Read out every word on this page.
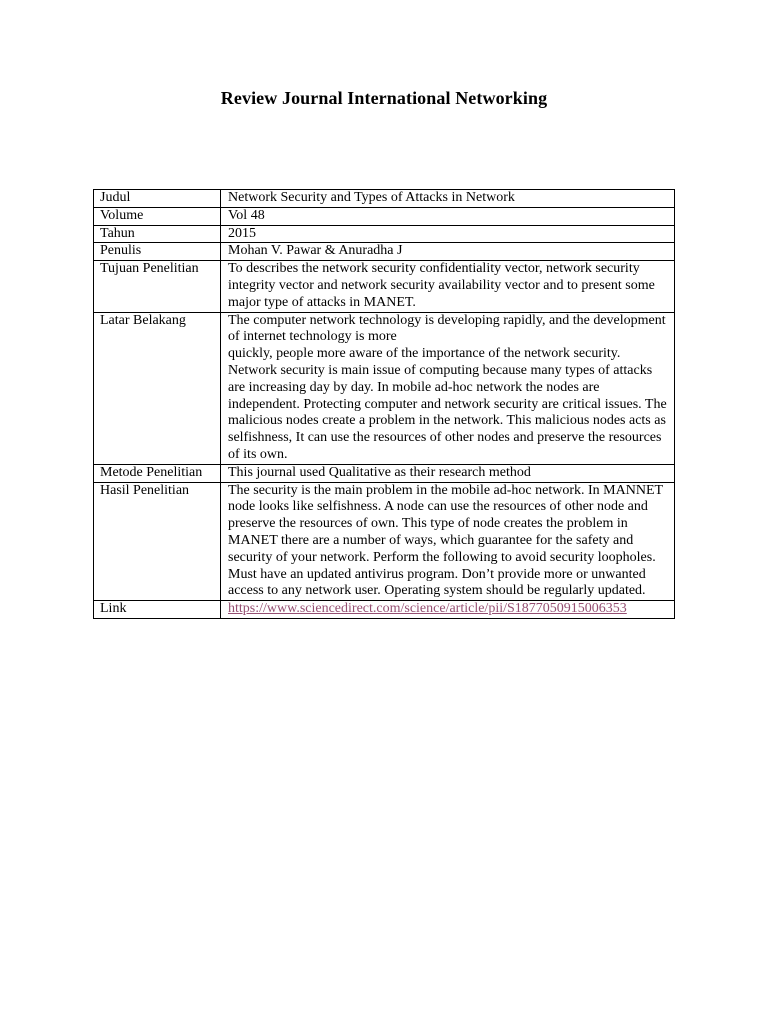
Review Journal International Networking
Judul	Network Security and Types of Attacks in Network
Volume	Vol 48
Tahun	2015
Penulis	Mohan V. Pawar & Anuradha J
Tujuan Penelitian	To describes the network security confidentiality vector, network security integrity vector and network security availability vector and to present some major type of attacks in MANET.
Latar Belakang	The computer network technology is developing rapidly, and the development of internet technology is more
quickly, people more aware of the importance of the network security. Network security is main issue of computing because many types of attacks are increasing day by day. In mobile ad-hoc network the nodes are independent. Protecting computer and network security are critical issues. The malicious nodes create a problem in the network. This malicious nodes acts as selfishness, It can use the resources of other nodes and preserve the resources of its own.

Metode Penelitian	This journal used Qualitative as their research method
Hasil Penelitian	The security is the main problem in the mobile ad-hoc network. In MANNET node looks like selfishness. A node can use the resources of other node and preserve the resources of own. This type of node creates the problem in MANET there are a number of ways, which guarantee for the safety and security of your network. Perform the following to avoid security loopholes. Must have an updated antivirus program. Don’t provide more or unwanted access to any network user. Operating system should be regularly updated.
Link	https://www.sciencedirect.com/science/article/pii/S1877050915006353
